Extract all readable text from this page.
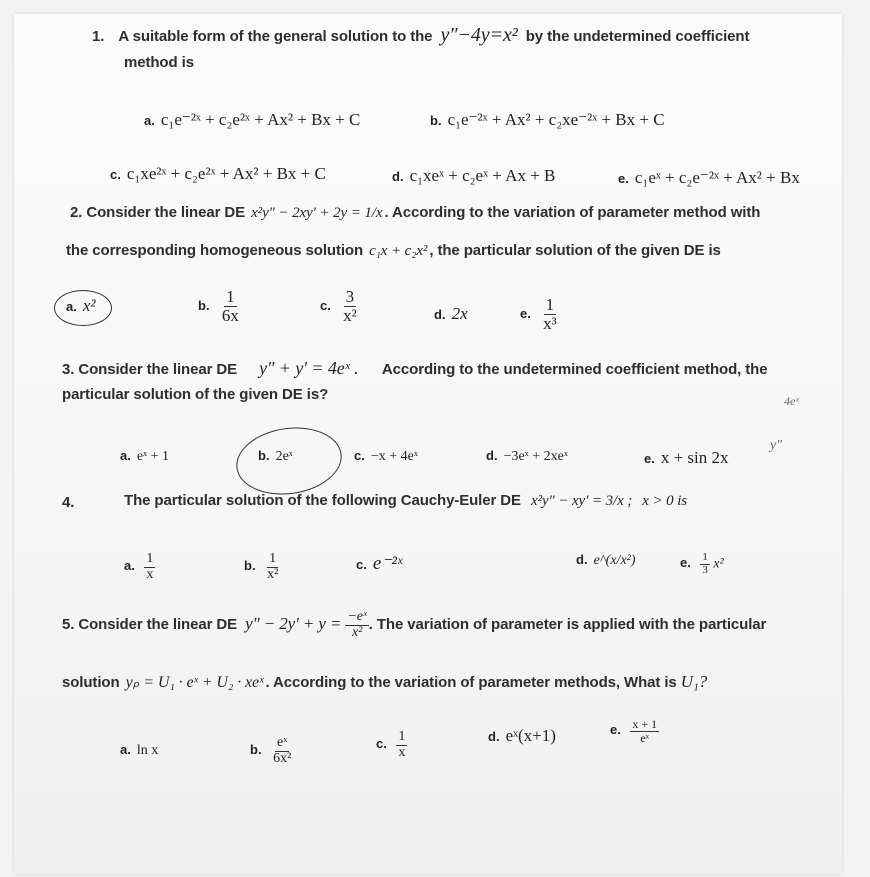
1. A suitable form of the general solution to the y″−4y=x² by the undetermined coefficient
method is
a. c₁e⁻²ˣ + c₂e²ˣ + Ax² + Bx + C	b. c₁e⁻²ˣ + Ax² + c₂xe⁻²ˣ + Bx + C
c. c₁xe²ˣ + c₂e²ˣ + Ax² + Bx + C	d. c₁xeˣ + c₂eˣ + Ax + B	e. c₁eˣ + c₂e⁻²ˣ + Ax² + Bx
2. Consider the linear DE x²y″ − 2xy′ + 2y = 1/x . According to the variation of parameter method with
the corresponding homogeneous solution c₁x + c₂x² , the particular solution of the given DE is
a. x²	b. $\frac{1}{6x}$	c. $\frac{3}{\text{x²}}$	d. 2x	e. $\frac{1}{\text{x³}}$
3. Consider the linear DE y″ + y′ = 4eˣ . According to the undetermined coefficient method, the
particular solution of the given DE is?	4eˣ
y″
a. eˣ + 1	b. 2eˣ	c. −x + 4eˣ	d. −3eˣ + 2xeˣ	e. x + sin 2x
4.	The particular solution of the following Cauchy-Euler DE x²y″ − xy′ = 3/x ; x > 0 is
a. $\frac{1}{x}$	b. $\frac{1}{\text{x²}}$	c. e⁻²ˣ	d. e^(x/x²)	e. $\frac{1}{3} x^2$
5. Consider the linear DE $y'' - 2y' + y = \frac{\text{−eˣ}}{\text{x²}}$ . The variation of parameter is applied with the particular
solution yₚ = U₁ · eˣ + U₂ · xeˣ . According to the variation of parameter methods, What is U₁?
a. ln x	b. $\frac{\text{eˣ}}{\text{6x²}}$	c. $\frac{1}{x}$	d. eˣ(x+1)	e. $\frac{x + 1}{\text{eˣ}}$
